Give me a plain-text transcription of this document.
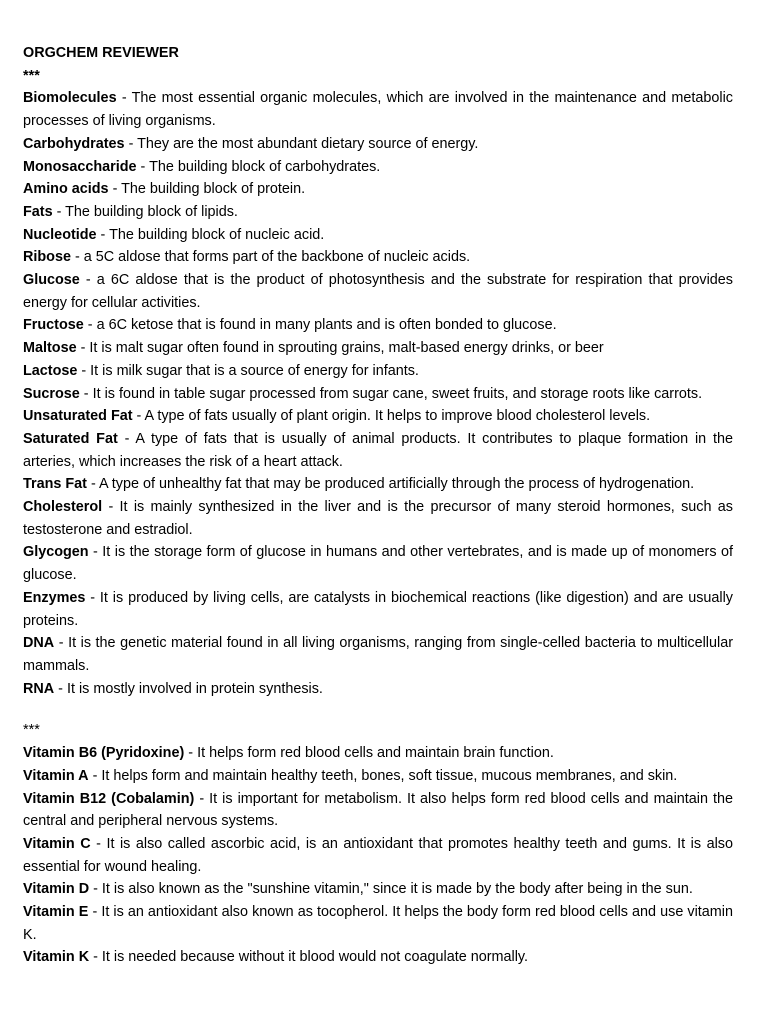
ORGCHEM REVIEWER

***

Biomolecules - The most essential organic molecules, which are involved in the maintenance and metabolic processes of living organisms.

Carbohydrates - They are the most abundant dietary source of energy.

Monosaccharide - The building block of carbohydrates.

Amino acids - The building block of protein.

Fats - The building block of lipids.

Nucleotide - The building block of nucleic acid.

Ribose - a 5C aldose that forms part of the backbone of nucleic acids.

Glucose - a 6C aldose that is the product of photosynthesis and the substrate for respiration that provides energy for cellular activities.

Fructose - a 6C ketose that is found in many plants and is often bonded to glucose.

Maltose - It is malt sugar often found in sprouting grains, malt-based energy drinks, or beer

Lactose - It is milk sugar that is a source of energy for infants.

Sucrose - It is found in table sugar processed from sugar cane, sweet fruits, and storage roots like carrots.

Unsaturated Fat - A type of fats usually of plant origin. It helps to improve blood cholesterol levels.

Saturated Fat - A type of fats that is usually of animal products. It contributes to plaque formation in the arteries, which increases the risk of a heart attack.

Trans Fat - A type of unhealthy fat that may be produced artificially through the process of hydrogenation.

Cholesterol - It is mainly synthesized in the liver and is the precursor of many steroid hormones, such as testosterone and estradiol.

Glycogen - It is the storage form of glucose in humans and other vertebrates, and is made up of monomers of glucose.

Enzymes - It is produced by living cells, are catalysts in biochemical reactions (like digestion) and are usually proteins.

DNA - It is the genetic material found in all living organisms, ranging from single-celled bacteria to multicellular mammals.

RNA - It is mostly involved in protein synthesis.

***

Vitamin B6 (Pyridoxine) - It helps form red blood cells and maintain brain function.

Vitamin A - It helps form and maintain healthy teeth, bones, soft tissue, mucous membranes, and skin.

Vitamin B12 (Cobalamin) - It is important for metabolism. It also helps form red blood cells and maintain the central and peripheral nervous systems.

Vitamin C - It is also called ascorbic acid, is an antioxidant that promotes healthy teeth and gums. It is also essential for wound healing.

Vitamin D - It is also known as the "sunshine vitamin," since it is made by the body after being in the sun.

Vitamin E - It is an antioxidant also known as tocopherol. It helps the body form red blood cells and use vitamin K.

Vitamin K - It is needed because without it blood would not coagulate normally.
